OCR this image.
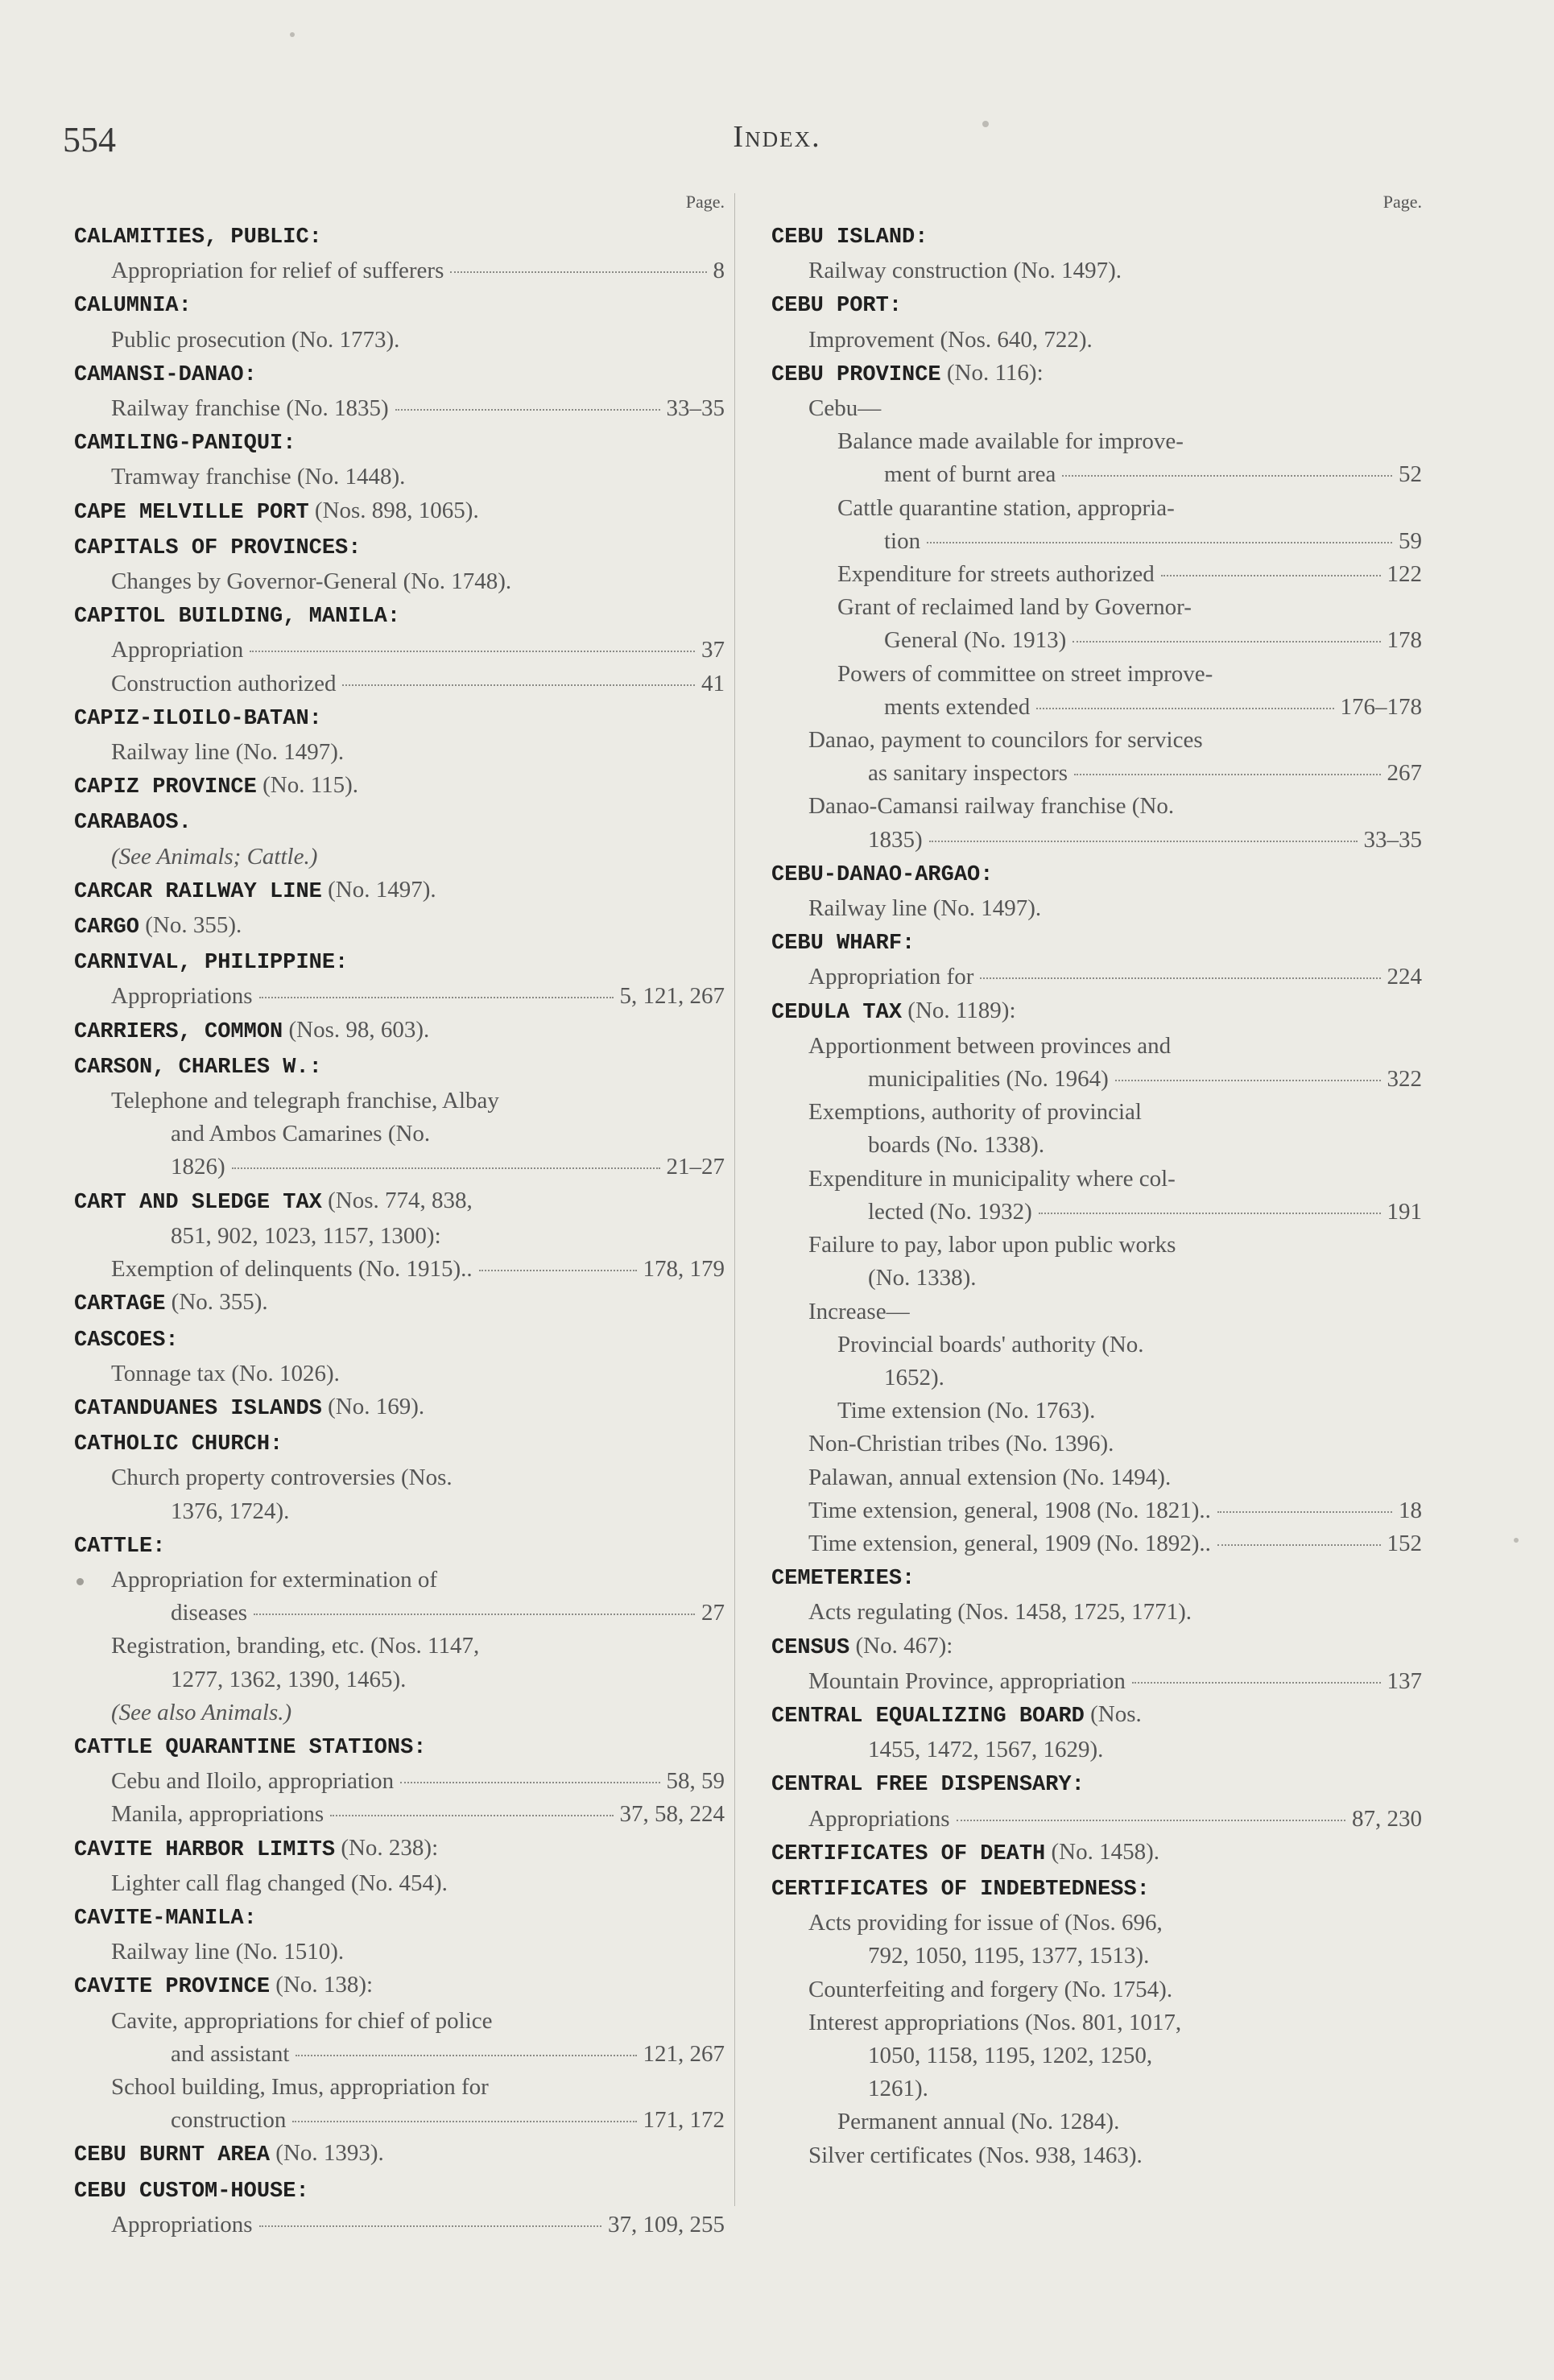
554	Index.
Page.
CALAMITIES, PUBLIC:
Appropriation for relief of sufferers	8
CALUMNIA:
Public prosecution (No. 1773).
CAMANSI-DANAO:
Railway franchise (No. 1835)	33–35
CAMILING-PANIQUI:
Tramway franchise (No. 1448).
CAPE MELVILLE PORT (Nos. 898, 1065).
CAPITALS OF PROVINCES:
Changes by Governor-General (No. 1748).
CAPITOL BUILDING, MANILA:
Appropriation	37
Construction authorized	41
CAPIZ-ILOILO-BATAN:
Railway line (No. 1497).
CAPIZ PROVINCE (No. 115).
CARABAOS.
(See Animals; Cattle.)
CARCAR RAILWAY LINE (No. 1497).
CARGO (No. 355).
CARNIVAL, PHILIPPINE:
Appropriations	5, 121, 267
CARRIERS, COMMON (Nos. 98, 603).
CARSON, CHARLES W.:
Telephone and telegraph franchise, Albay
and Ambos Camarines (No.
1826)	21–27
CART AND SLEDGE TAX (Nos. 774, 838,
851, 902, 1023, 1157, 1300):
Exemption of delinquents (No. 1915)..	178, 179
CARTAGE (No. 355).
CASCOES:
Tonnage tax (No. 1026).
CATANDUANES ISLANDS (No. 169).
CATHOLIC CHURCH:
Church property controversies (Nos.
1376, 1724).
CATTLE:
Appropriation for extermination of
diseases	27
Registration, branding, etc. (Nos. 1147,
1277, 1362, 1390, 1465).
(See also Animals.)
CATTLE QUARANTINE STATIONS:
Cebu and Iloilo, appropriation	58, 59
Manila, appropriations	37, 58, 224
CAVITE HARBOR LIMITS (No. 238):
Lighter call flag changed (No. 454).
CAVITE-MANILA:
Railway line (No. 1510).
CAVITE PROVINCE (No. 138):
Cavite, appropriations for chief of police
and assistant	121, 267
School building, Imus, appropriation for
construction	171, 172
CEBU BURNT AREA (No. 1393).
CEBU CUSTOM-HOUSE:
Appropriations	37, 109, 255
Page.
CEBU ISLAND:
Railway construction (No. 1497).
CEBU PORT:
Improvement (Nos. 640, 722).
CEBU PROVINCE (No. 116):
Cebu—
Balance made available for improve-
ment of burnt area	52
Cattle quarantine station, appropria-
tion	59
Expenditure for streets authorized	122
Grant of reclaimed land by Governor-
General (No. 1913)	178
Powers of committee on street improve-
ments extended	176–178
Danao, payment to councilors for services
as sanitary inspectors	267
Danao-Camansi railway franchise (No.
1835)	33–35
CEBU-DANAO-ARGAO:
Railway line (No. 1497).
CEBU WHARF:
Appropriation for	224
CEDULA TAX (No. 1189):
Apportionment between provinces and
municipalities (No. 1964)	322
Exemptions, authority of provincial
boards (No. 1338).
Expenditure in municipality where col-
lected (No. 1932)	191
Failure to pay, labor upon public works
(No. 1338).
Increase—
Provincial boards' authority (No.
1652).
Time extension (No. 1763).
Non-Christian tribes (No. 1396).
Palawan, annual extension (No. 1494).
Time extension, general, 1908 (No. 1821)..	18
Time extension, general, 1909 (No. 1892)..	152
CEMETERIES:
Acts regulating (Nos. 1458, 1725, 1771).
CENSUS (No. 467):
Mountain Province, appropriation	137
CENTRAL EQUALIZING BOARD (Nos.
1455, 1472, 1567, 1629).
CENTRAL FREE DISPENSARY:
Appropriations	87, 230
CERTIFICATES OF DEATH (No. 1458).
CERTIFICATES OF INDEBTEDNESS:
Acts providing for issue of (Nos. 696,
792, 1050, 1195, 1377, 1513).
Counterfeiting and forgery (No. 1754).
Interest appropriations (Nos. 801, 1017,
1050, 1158, 1195, 1202, 1250,
1261).
Permanent annual (No. 1284).
Silver certificates (Nos. 938, 1463).
